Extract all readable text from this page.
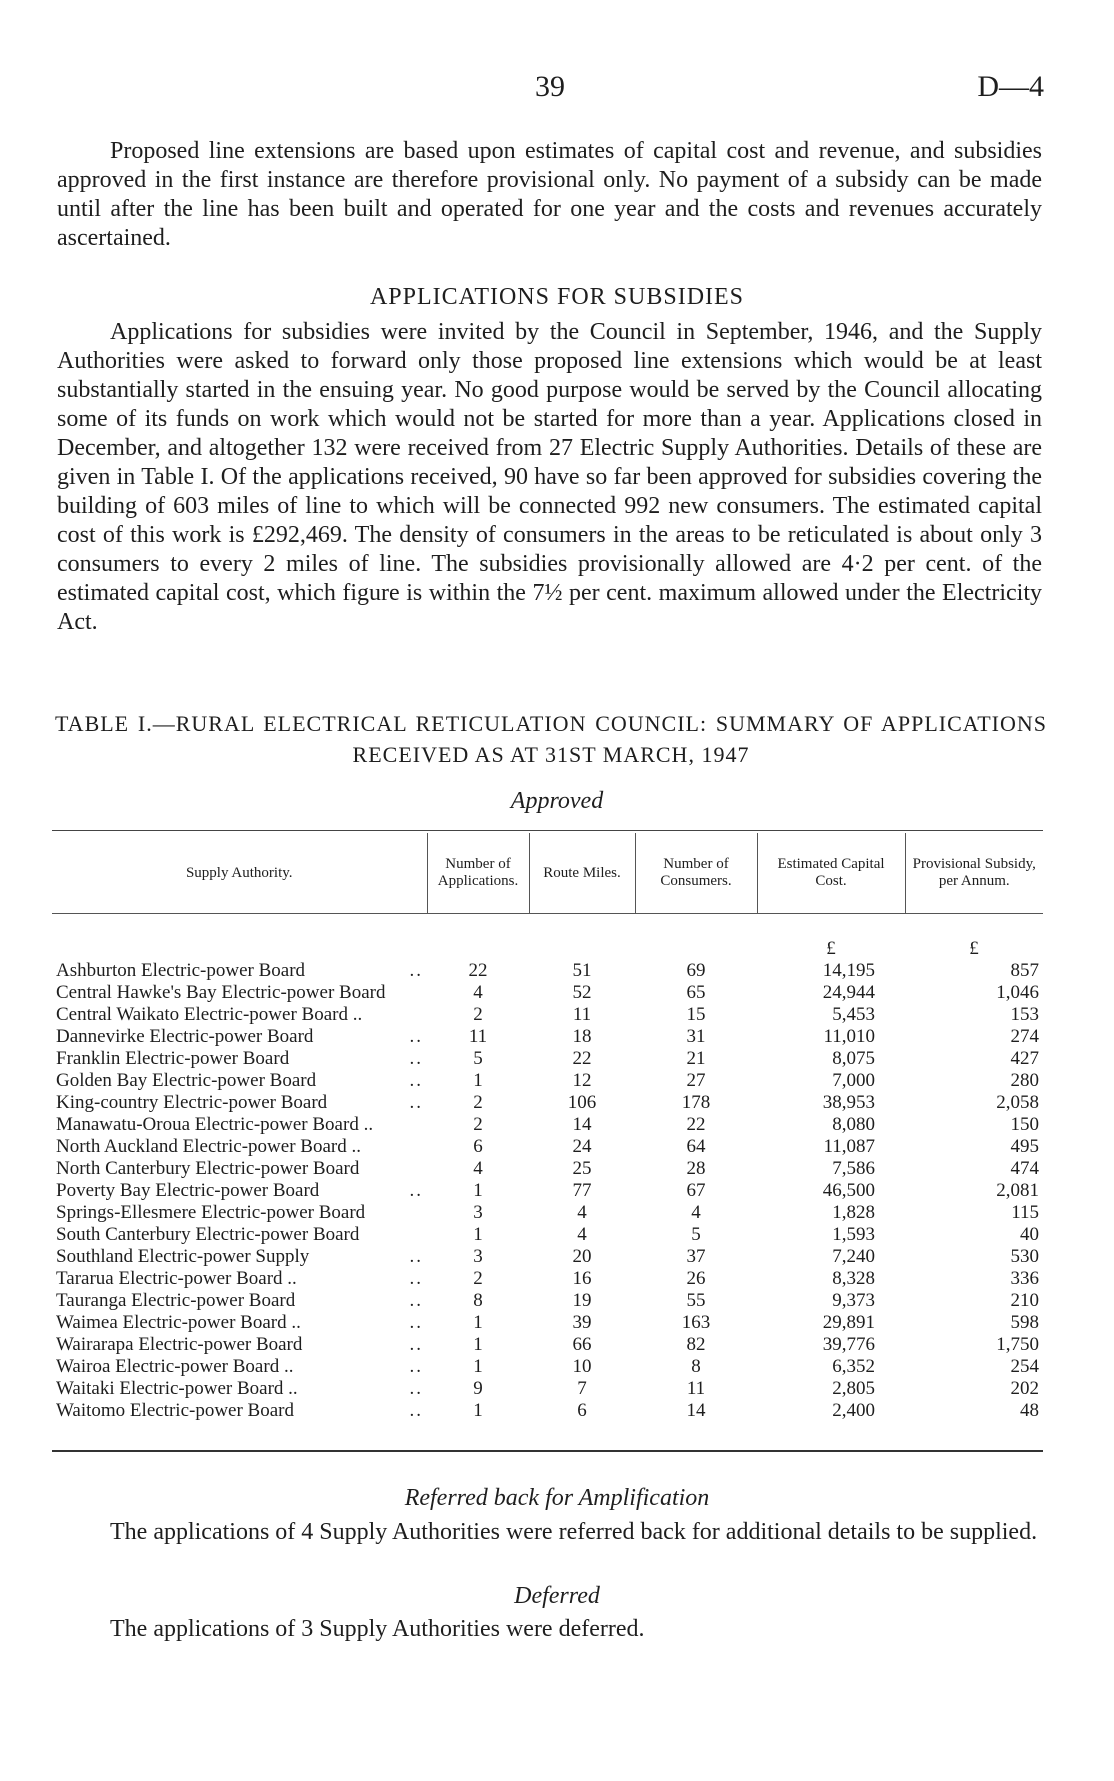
39	D—4

Proposed line extensions are based upon estimates of capital cost and revenue, and subsidies approved in the first instance are therefore provisional only. No payment of a subsidy can be made until after the line has been built and operated for one year and the costs and revenues accurately ascertained.

APPLICATIONS FOR SUBSIDIES

Applications for subsidies were invited by the Council in September, 1946, and the Supply Authorities were asked to forward only those proposed line extensions which would be at least substantially started in the ensuing year. No good purpose would be served by the Council allocating some of its funds on work which would not be started for more than a year. Applications closed in December, and altogether 132 were received from 27 Electric Supply Authorities. Details of these are given in Table I. Of the applications received, 90 have so far been approved for subsidies covering the building of 603 miles of line to which will be connected 992 new consumers. The estimated capital cost of this work is £292,469. The density of consumers in the areas to be reticulated is about only 3 consumers to every 2 miles of line. The subsidies provisionally allowed are 4·2 per cent. of the estimated capital cost, which figure is within the 7½ per cent. maximum allowed under the Electricity Act.

TABLE I.—RURAL ELECTRICAL RETICULATION COUNCIL: SUMMARY OF APPLICATIONS

RECEIVED AS AT 31ST MARCH, 1947

Approved
Supply Authority.	Number of Applications.	Route Miles.	Number of Consumers.	Estimated Capital Cost.	Provisional Subsidy, per Annum.
				£	£
Ashburton Electric-power Board ..	22	51	69	14,195	857
Central Hawke's Bay Electric-power Board	4	52	65	24,944	1,046
Central Waikato Electric-power Board ..	2	11	15	5,453	153
Dannevirke Electric-power Board ..	11	18	31	11,010	274
Franklin Electric-power Board ..	5	22	21	8,075	427
Golden Bay Electric-power Board ..	1	12	27	7,000	280
King-country Electric-power Board ..	2	106	178	38,953	2,058
Manawatu-Oroua Electric-power Board ..	2	14	22	8,080	150
North Auckland Electric-power Board ..	6	24	64	11,087	495
North Canterbury Electric-power Board	4	25	28	7,586	474
Poverty Bay Electric-power Board ..	1	77	67	46,500	2,081
Springs-Ellesmere Electric-power Board	3	4	4	1,828	115
South Canterbury Electric-power Board	1	4	5	1,593	40
Southland Electric-power Supply ..	3	20	37	7,240	530
Tararua Electric-power Board .. ..	2	16	26	8,328	336
Tauranga Electric-power Board ..	8	19	55	9,373	210
Waimea Electric-power Board .. ..	1	39	163	29,891	598
Wairarapa Electric-power Board ..	1	66	82	39,776	1,750
Wairoa Electric-power Board .. ..	1	10	8	6,352	254
Waitaki Electric-power Board .. ..	9	7	11	2,805	202
Waitomo Electric-power Board ..	1	6	14	2,400	48
Referred back for Amplification

The applications of 4 Supply Authorities were referred back for additional details to be supplied.

Deferred

The applications of 3 Supply Authorities were deferred.
